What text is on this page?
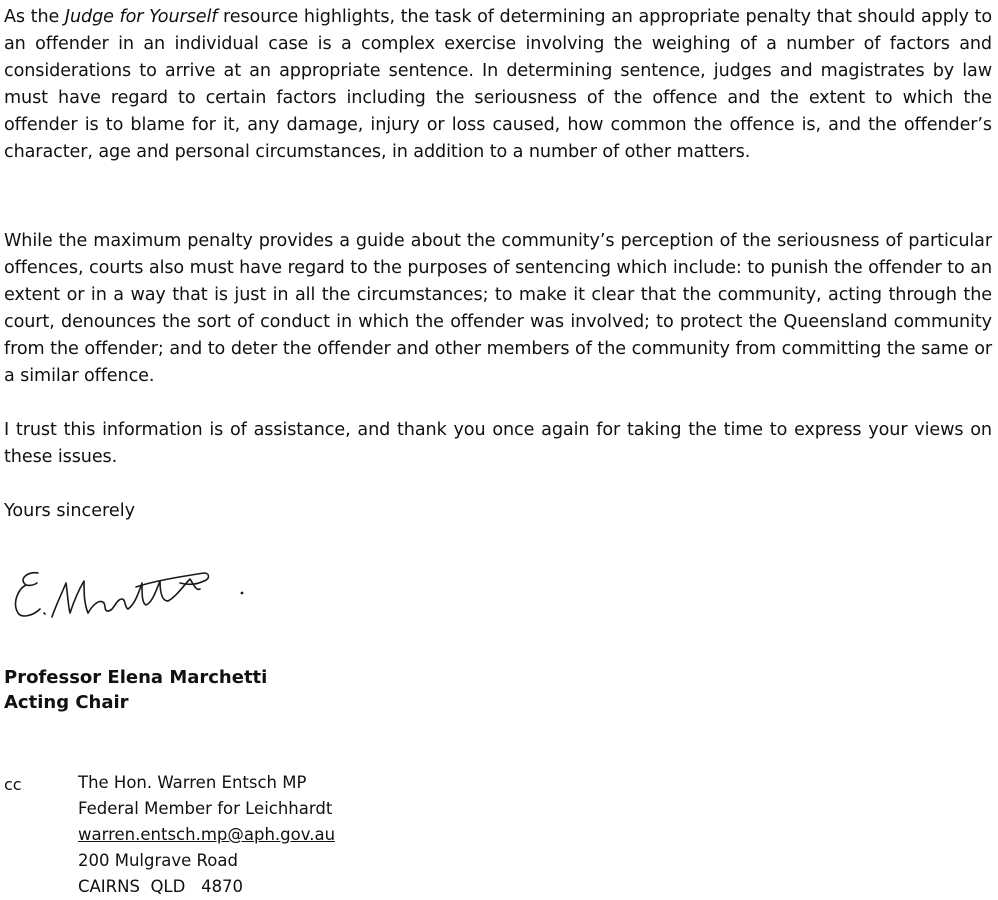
As the Judge for Yourself resource highlights, the task of determining an appropriate penalty that should apply to an offender in an individual case is a complex exercise involving the weighing of a number of factors and considerations to arrive at an appropriate sentence. In determining sentence, judges and magistrates by law must have regard to certain factors including the seriousness of the offence and the extent to which the offender is to blame for it, any damage, injury or loss caused, how common the offence is, and the offender’s character, age and personal circumstances, in addition to a number of other matters.

While the maximum penalty provides a guide about the community’s perception of the seriousness of particular offences, courts also must have regard to the purposes of sentencing which include: to punish the offender to an extent or in a way that is just in all the circumstances; to make it clear that the community, acting through the court, denounces the sort of conduct in which the offender was involved; to protect the Queensland community from the offender; and to deter the offender and other members of the community from committing the same or a similar offence.

I trust this information is of assistance, and thank you once again for taking the time to express your views on these issues.

Yours sincerely
Professor Elena Marchetti
Acting Chair
cc	The Hon. Warren Entsch MP
Federal Member for Leichhardt
warren.entsch.mp@aph.gov.au
200 Mulgrave Road
CAIRNS  QLD   4870
